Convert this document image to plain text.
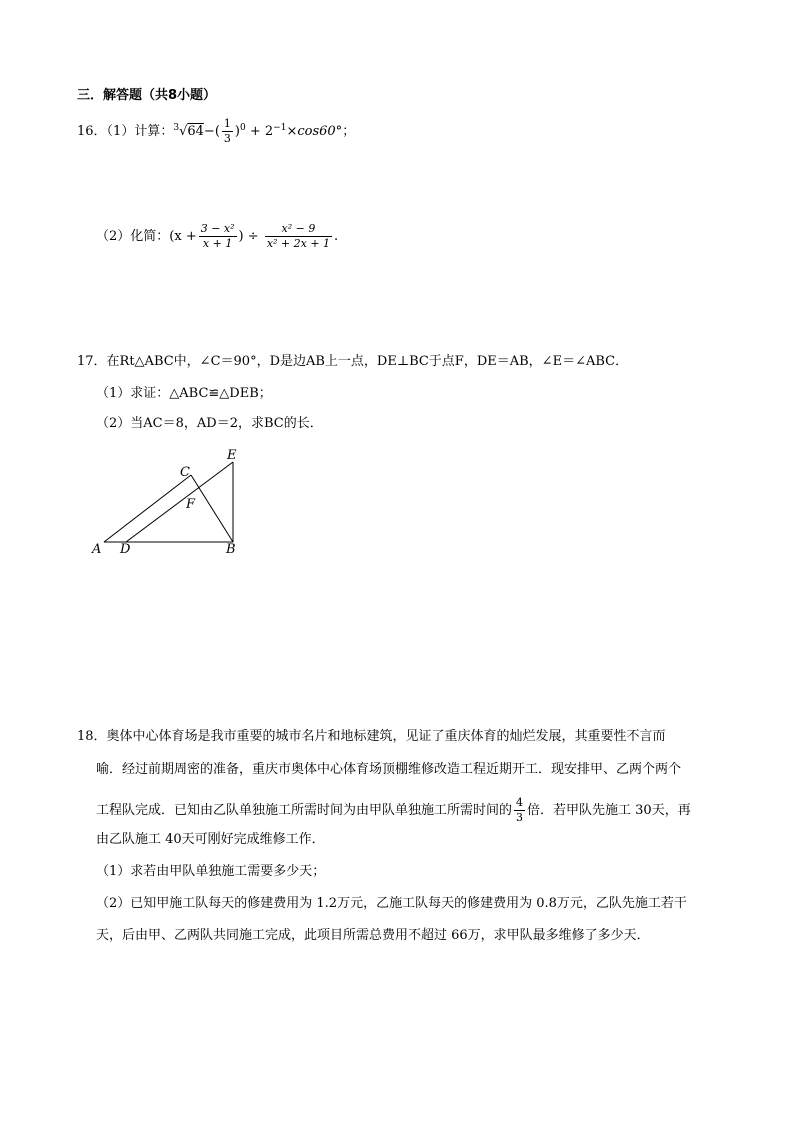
三．解答题（共8小题）
16．（1）计算：$^3√64-( \frac{1}{3} )^0 + 2^{-1}\times\cos 60^\circ$；
（2）化简：($x + \frac{\text{3 − x²}}{x + 1}$ ) ÷ $\frac{\text{x² − 9}}{\text{x² + 2x + 1}}$ .
17．在Rt△ABC中，∠C＝90°，D是边AB上一点，DE⊥BC于点F，DE＝AB，∠E＝∠ABC．
（1）求证：△ABC≌△DEB；
（2）当AC＝8，AD＝2，求BC的长．
A D	B
C
E
F
18．奥体中心体育场是我市重要的城市名片和地标建筑，见证了重庆体育的灿烂发展，其重要性不言而
喻．经过前期周密的准备，重庆市奥体中心体育场顶棚维修改造工程近期开工．现安排甲、乙两个两个
工程队完成．已知由乙队单独施工所需时间为由甲队单独施工所需时间的 $\frac{4}{3}$ 倍．若甲队先施工 30天，再
由乙队施工 40天可刚好完成维修工作．
（1）求若由甲队单独施工需要多少天；
（2）已知甲施工队每天的修建费用为 1.2万元，乙施工队每天的修建费用为 0.8万元，乙队先施工若干
天，后由甲、乙两队共同施工完成，此项目所需总费用不超过 66万，求甲队最多维修了多少天．
